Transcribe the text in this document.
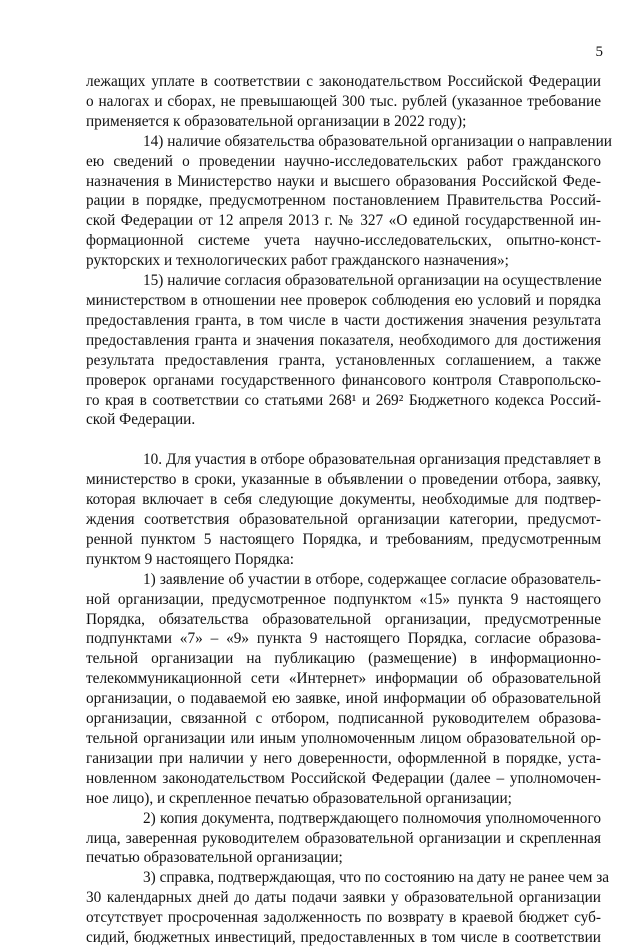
5
лежащих уплате в соответствии с законодательством Российской Федерации
о налогах и сборах, не превышающей 300 тыс. рублей (указанное требование
применяется к образовательной организации в 2022 году);
14) наличие обязательства образовательной организации о направлении
ею сведений о проведении научно-исследовательских работ гражданского
назначения в Министерство науки и высшего образования Российской Феде-
рации в порядке, предусмотренном постановлением Правительства Россий-
ской Федерации от 12 апреля 2013 г. № 327 «О единой государственной ин-
формационной системе учета научно-исследовательских, опытно-конст-
рукторских и технологических работ гражданского назначения»;
15) наличие согласия образовательной организации на осуществление
министерством в отношении нее проверок соблюдения ею условий и порядка
предоставления гранта, в том числе в части достижения значения результата
предоставления гранта и значения показателя, необходимого для достижения
результата предоставления гранта, установленных соглашением, а также
проверок органами государственного финансового контроля Ставропольско-
го края в соответствии со статьями 268¹ и 269² Бюджетного кодекса Россий-
ской Федерации.
10. Для участия в отборе образовательная организация представляет в
министерство в сроки, указанные в объявлении о проведении отбора, заявку,
которая включает в себя следующие документы, необходимые для подтвер-
ждения соответствия образовательной организации категории, предусмот-
ренной пунктом 5 настоящего Порядка, и требованиям, предусмотренным
пунктом 9 настоящего Порядка:
1) заявление об участии в отборе, содержащее согласие образователь-
ной организации, предусмотренное подпунктом «15» пункта 9 настоящего
Порядка, обязательства образовательной организации, предусмотренные
подпунктами «7» – «9» пункта 9 настоящего Порядка, согласие образова-
тельной организации на публикацию (размещение) в информационно-
телекоммуникационной сети «Интернет» информации об образовательной
организации, о подаваемой ею заявке, иной информации об образовательной
организации, связанной с отбором, подписанной руководителем образова-
тельной организации или иным уполномоченным лицом образовательной ор-
ганизации при наличии у него доверенности, оформленной в порядке, уста-
новленном законодательством Российской Федерации (далее – уполномочен-
ное лицо), и скрепленное печатью образовательной организации;
2) копия документа, подтверждающего полномочия уполномоченного
лица, заверенная руководителем образовательной организации и скрепленная
печатью образовательной организации;
3) справка, подтверждающая, что по состоянию на дату не ранее чем за
30 календарных дней до даты подачи заявки у образовательной организации
отсутствует просроченная задолженность по возврату в краевой бюджет суб-
сидий, бюджетных инвестиций, предоставленных в том числе в соответствии
